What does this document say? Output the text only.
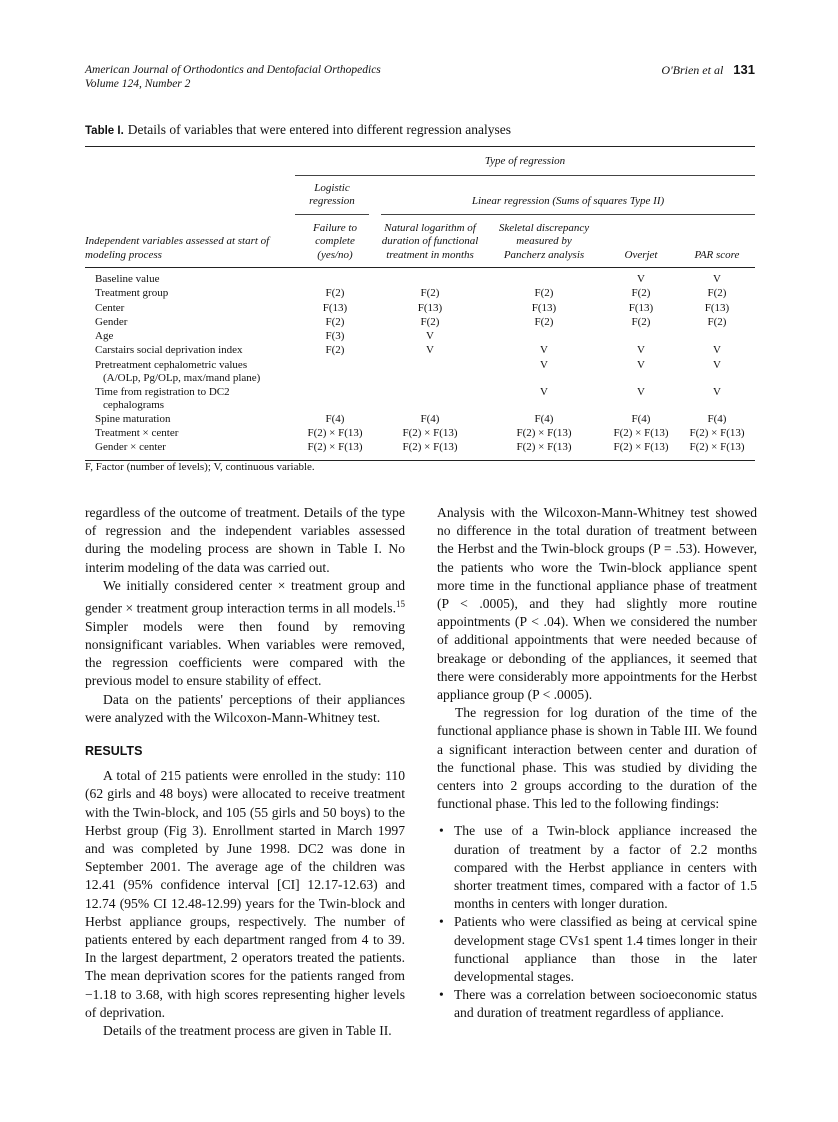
American Journal of Orthodontics and Dentofacial Orthopedics
Volume 124, Number 2
O'Brien et al 131
Table I. Details of variables that were entered into different regression analyses
	Type of regression				

	Logistic regression	Linear regression (Sums of squares Type II)			
Independent variables assessed at start of modeling process	Failure to complete (yes/no)	Natural logarithm of duration of functional treatment in months	Skeletal discrepancy measured by Pancherz analysis	Overjet	PAR score
Baseline value				V	V
Treatment group	F(2)	F(2)	F(2)	F(2)	F(2)
Center	F(13)	F(13)	F(13)	F(13)	F(13)
Gender	F(2)	F(2)	F(2)	F(2)	F(2)
Age	F(3)	V			
Carstairs social deprivation index	F(2)	V	V	V	V
Pretreatment cephalometric values
(A/OLp, Pg/OLp, max/mand plane)			V	V	V
Time from registration to DC2
cephalograms			V	V	V
Spine maturation	F(4)	F(4)	F(4)	F(4)	F(4)
Treatment × center	F(2) × F(13)	F(2) × F(13)	F(2) × F(13)	F(2) × F(13)	F(2) × F(13)
Gender × center	F(2) × F(13)	F(2) × F(13)	F(2) × F(13)	F(2) × F(13)	F(2) × F(13)
F, Factor (number of levels); V, continuous variable.

regardless of the outcome of treatment. Details of the type of regression and the independent variables assessed during the modeling process are shown in Table I. No interim modeling of the data was carried out.

We initially considered center × treatment group and gender × treatment group interaction terms in all models.$^{15}$ Simpler models were then found by removing nonsignificant variables. When variables were removed, the regression coefficients were compared with the previous model to ensure stability of effect.

Data on the patients' perceptions of their appliances were analyzed with the Wilcoxon-Mann-Whitney test.

RESULTS

A total of 215 patients were enrolled in the study: 110 (62 girls and 48 boys) were allocated to receive treatment with the Twin-block, and 105 (55 girls and 50 boys) to the Herbst group (Fig 3). Enrollment started in March 1997 and was completed by June 1998. DC2 was done in September 2001. The average age of the children was 12.41 (95% confidence interval [CI] 12.17-12.63) and 12.74 (95% CI 12.48-12.99) years for the Twin-block and Herbst appliance groups, respectively. The number of patients entered by each department ranged from 4 to 39. In the largest department, 2 operators treated the patients. The mean deprivation scores for the patients ranged from −1.18 to 3.68, with high scores representing higher levels of deprivation.

Details of the treatment process are given in Table II.

Analysis with the Wilcoxon-Mann-Whitney test showed no difference in the total duration of treatment between the Herbst and the Twin-block groups (P = .53). However, the patients who wore the Twin-block appliance spent more time in the functional appliance phase of treatment (P < .0005), and they had slightly more routine appointments (P < .04). When we considered the number of additional appointments that were needed because of breakage or debonding of the appliances, it seemed that there were considerably more appointments for the Herbst appliance group (P < .0005).

The regression for log duration of the time of the functional appliance phase is shown in Table III. We found a significant interaction between center and duration of the functional phase. This was studied by dividing the centers into 2 groups according to the duration of the functional phase. This led to the following findings:

• The use of a Twin-block appliance increased the duration of treatment by a factor of 2.2 months compared with the Herbst appliance in centers with shorter treatment times, compared with a factor of 1.5 months in centers with longer duration.
• Patients who were classified as being at cervical spine development stage CVs1 spent 1.4 times longer in their functional appliance than those in the later developmental stages.
• There was a correlation between socioeconomic status and duration of treatment regardless of appliance.
